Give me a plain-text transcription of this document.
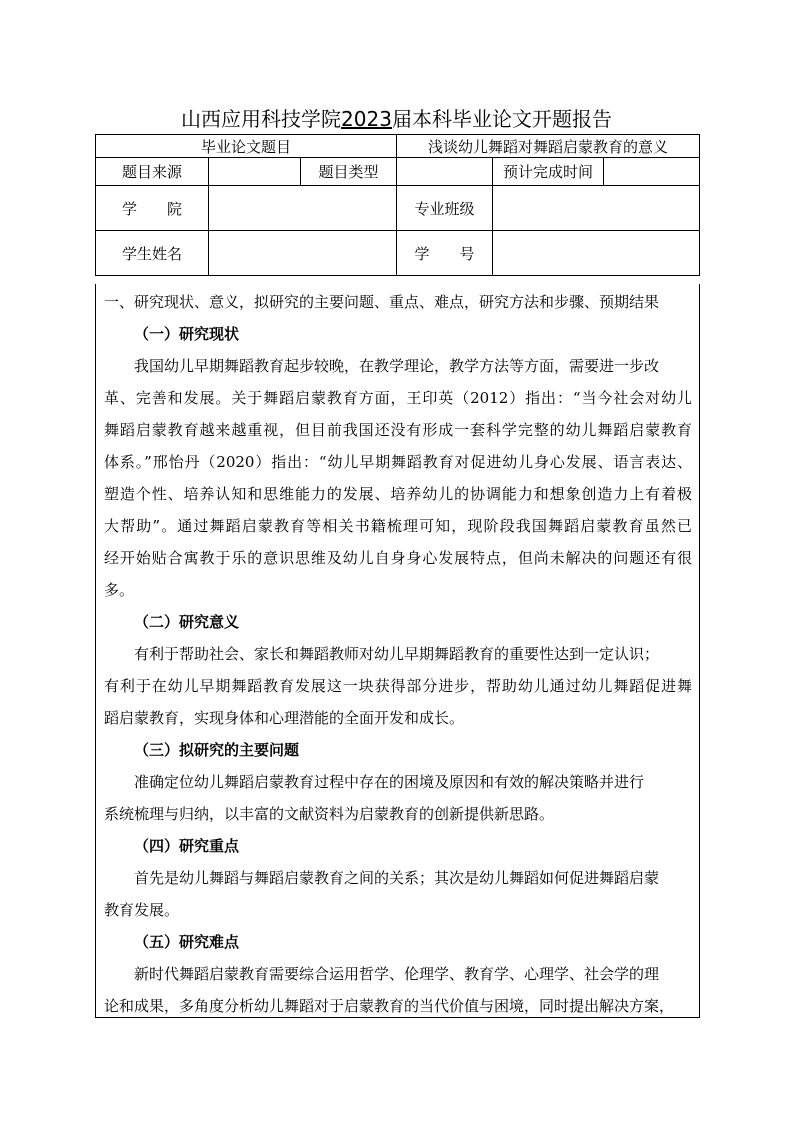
山西应用科技学院2023届本科毕业论文开题报告
毕业论文题目			浅谈幼儿舞蹈对舞蹈启蒙教育的意义		
题目来源		题目类型		预计完成时间	
学　　院			专业班级		
学生姓名			学　　号		
一、研究现状、意义，拟研究的主要问题、重点、难点，研究方法和步骤、预期结果
（一）研究现状
我国幼儿早期舞蹈教育起步较晚，在教学理论，教学方法等方面，需要进一步改
革、完善和发展。关于舞蹈启蒙教育方面，王印英（2012）指出：“当今社会对幼儿
舞蹈启蒙教育越来越重视，但目前我国还没有形成一套科学完整的幼儿舞蹈启蒙教育
体系。”邢怡丹（2020）指出：“幼儿早期舞蹈教育对促进幼儿身心发展、语言表达、
塑造个性、培养认知和思维能力的发展、培养幼儿的协调能力和想象创造力上有着极
大帮助”。通过舞蹈启蒙教育等相关书籍梳理可知，现阶段我国舞蹈启蒙教育虽然已
经开始贴合寓教于乐的意识思维及幼儿自身身心发展特点，但尚未解决的问题还有很
多。
（二）研究意义
有利于帮助社会、家长和舞蹈教师对幼儿早期舞蹈教育的重要性达到一定认识；
有利于在幼儿早期舞蹈教育发展这一块获得部分进步，帮助幼儿通过幼儿舞蹈促进舞
蹈启蒙教育，实现身体和心理潜能的全面开发和成长。
（三）拟研究的主要问题
准确定位幼儿舞蹈启蒙教育过程中存在的困境及原因和有效的解决策略并进行
系统梳理与归纳，以丰富的文献资料为启蒙教育的创新提供新思路。
（四）研究重点
首先是幼儿舞蹈与舞蹈启蒙教育之间的关系；其次是幼儿舞蹈如何促进舞蹈启蒙
教育发展。
（五）研究难点
新时代舞蹈启蒙教育需要综合运用哲学、伦理学、教育学、心理学、社会学的理
论和成果，多角度分析幼儿舞蹈对于启蒙教育的当代价值与困境，同时提出解决方案，
